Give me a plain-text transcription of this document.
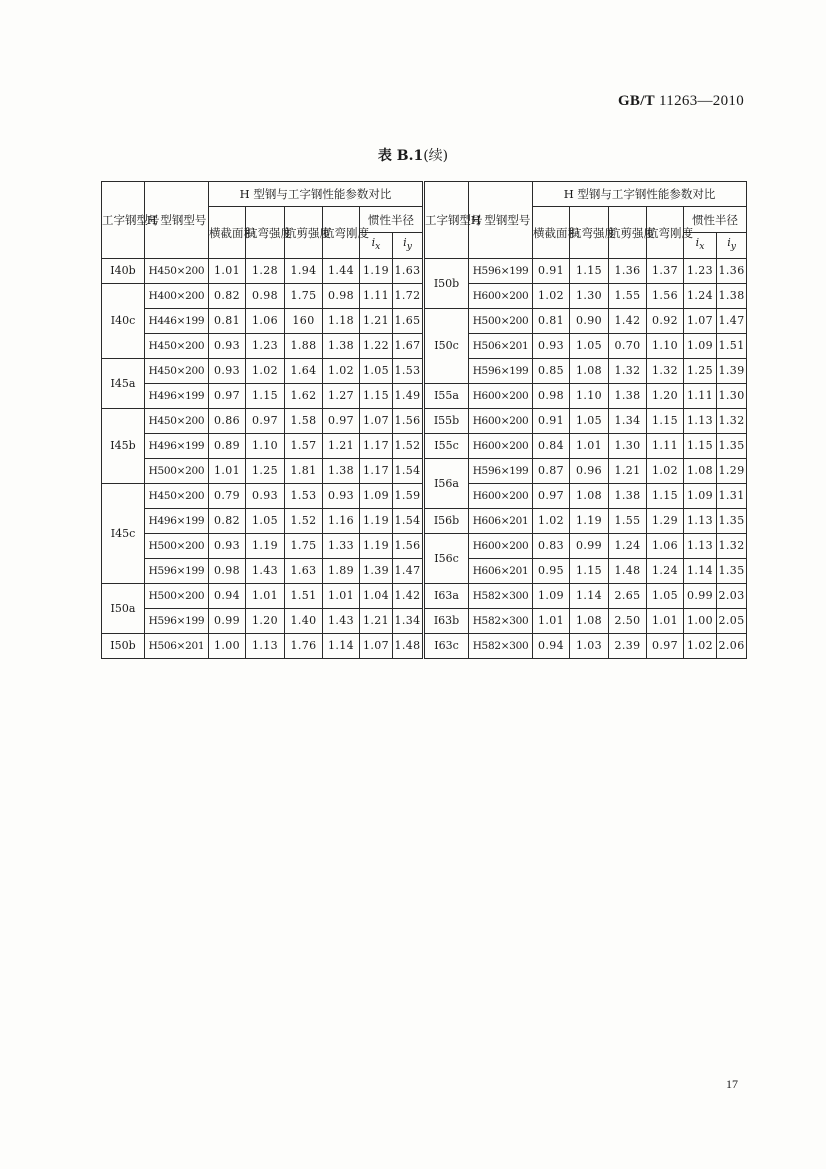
GB/T 11263—2010
表 B.1(续)
工字钢型号	H 型钢型号	H 型钢与工字钢性能参数对比						工字钢型号	H 型钢型号	H 型钢与工字钢性能参数对比					
		横截面积	抗弯强度	抗剪强度	抗弯刚度	惯性半径				横截面积	抗弯强度	抗剪强度	抗弯刚度	惯性半径	
						$i_x$	$i_y$							$i_x$	$i_y$
Ⅰ40b	H450×200	1.01	1.28	1.94	1.44	1.19	1.63	Ⅰ50b	H596×199	0.91	1.15	1.36	1.37	1.23	1.36
Ⅰ40c	H400×200	0.82	0.98	1.75	0.98	1.11	1.72		H600×200	1.02	1.30	1.55	1.56	1.24	1.38
	H446×199	0.81	1.06	160	1.18	1.21	1.65	Ⅰ50c	H500×200	0.81	0.90	1.42	0.92	1.07	1.47
	H450×200	0.93	1.23	1.88	1.38	1.22	1.67		H506×201	0.93	1.05	0.70	1.10	1.09	1.51
Ⅰ45a	H450×200	0.93	1.02	1.64	1.02	1.05	1.53		H596×199	0.85	1.08	1.32	1.32	1.25	1.39
	H496×199	0.97	1.15	1.62	1.27	1.15	1.49	Ⅰ55a	H600×200	0.98	1.10	1.38	1.20	1.11	1.30
Ⅰ45b	H450×200	0.86	0.97	1.58	0.97	1.07	1.56	Ⅰ55b	H600×200	0.91	1.05	1.34	1.15	1.13	1.32
	H496×199	0.89	1.10	1.57	1.21	1.17	1.52	Ⅰ55c	H600×200	0.84	1.01	1.30	1.11	1.15	1.35
	H500×200	1.01	1.25	1.81	1.38	1.17	1.54	Ⅰ56a	H596×199	0.87	0.96	1.21	1.02	1.08	1.29
Ⅰ45c	H450×200	0.79	0.93	1.53	0.93	1.09	1.59		H600×200	0.97	1.08	1.38	1.15	1.09	1.31
	H496×199	0.82	1.05	1.52	1.16	1.19	1.54	Ⅰ56b	H606×201	1.02	1.19	1.55	1.29	1.13	1.35
	H500×200	0.93	1.19	1.75	1.33	1.19	1.56	Ⅰ56c	H600×200	0.83	0.99	1.24	1.06	1.13	1.32
	H596×199	0.98	1.43	1.63	1.89	1.39	1.47		H606×201	0.95	1.15	1.48	1.24	1.14	1.35
Ⅰ50a	H500×200	0.94	1.01	1.51	1.01	1.04	1.42	Ⅰ63a	H582×300	1.09	1.14	2.65	1.05	0.99	2.03
	H596×199	0.99	1.20	1.40	1.43	1.21	1.34	Ⅰ63b	H582×300	1.01	1.08	2.50	1.01	1.00	2.05
Ⅰ50b	H506×201	1.00	1.13	1.76	1.14	1.07	1.48	Ⅰ63c	H582×300	0.94	1.03	2.39	0.97	1.02	2.06
17
